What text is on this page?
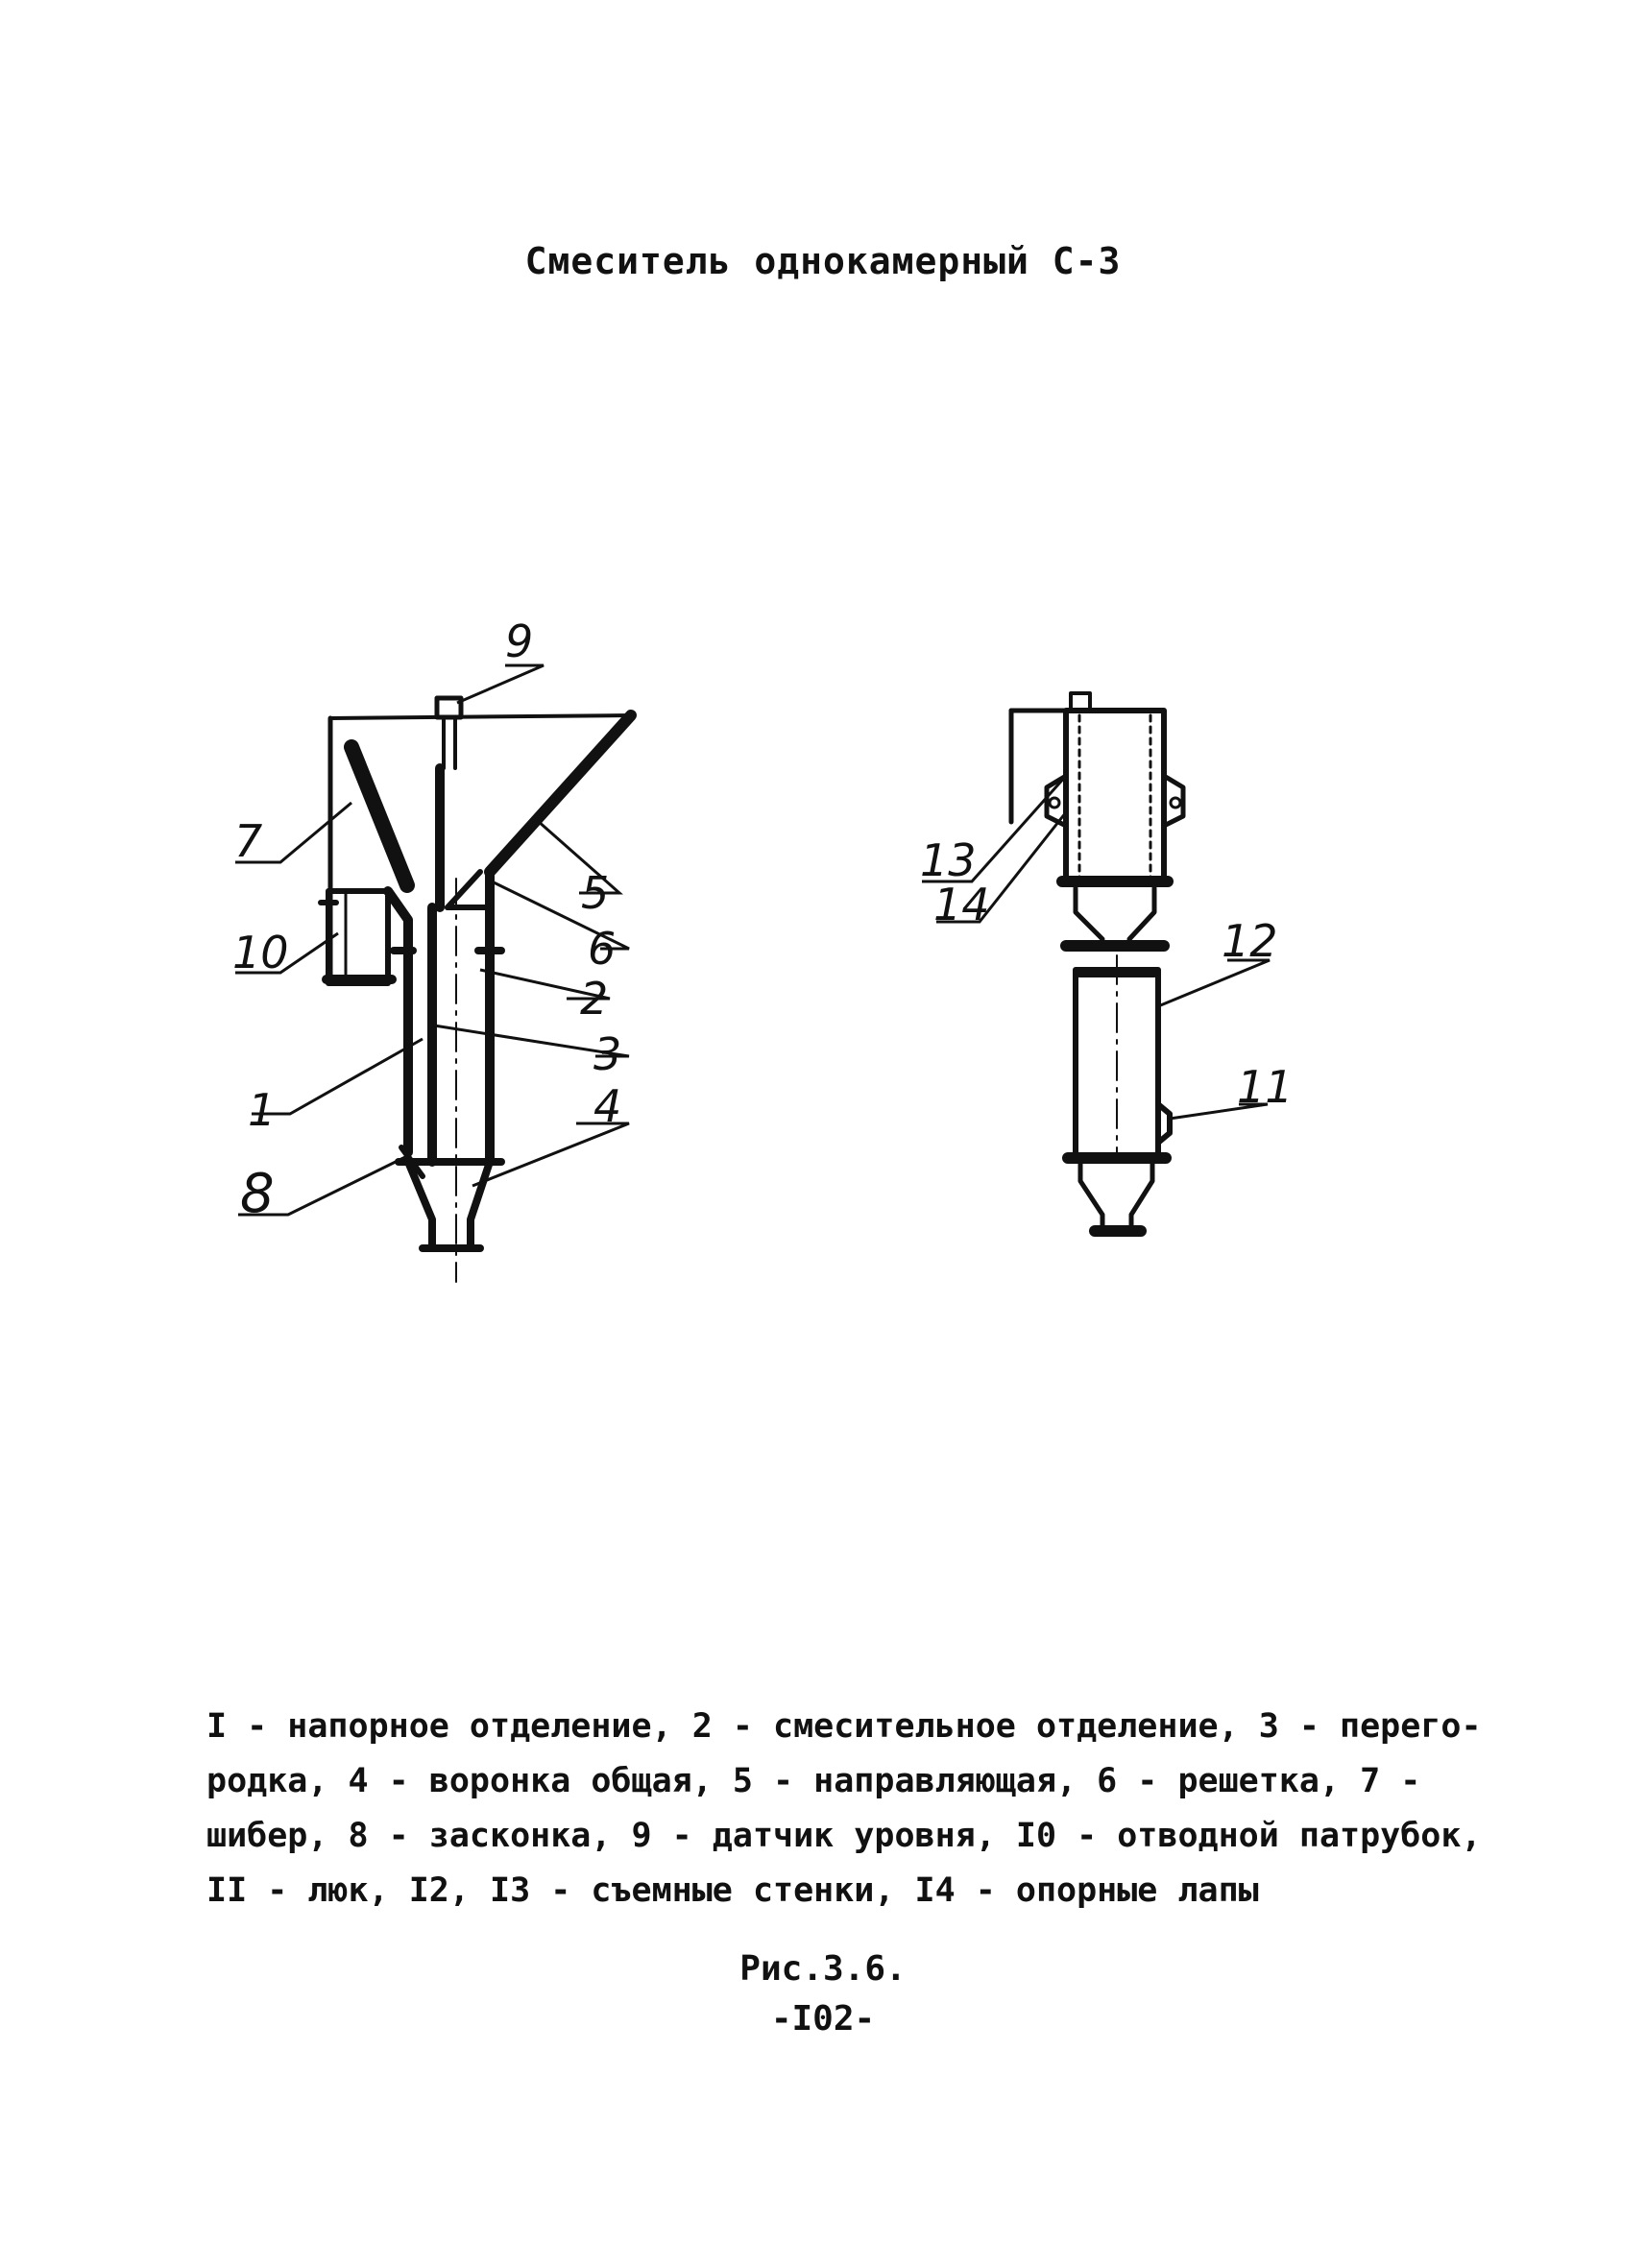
Смеситель однокамерный С-3
9
7
5
6
10
2
3
1	4
8
13
14
12
11
I - напорное отделение, 2 - смесительное отделение, 3 - перего-
родка, 4 - воронка общая, 5 - направляющая, 6 - решетка, 7 -
шибер, 8 - засконка, 9 - датчик уровня, I0 - отводной патрубок,
II - люк, I2, I3 - съемные стенки, I4 - опорные лапы
Рис.3.6.
-I02-
